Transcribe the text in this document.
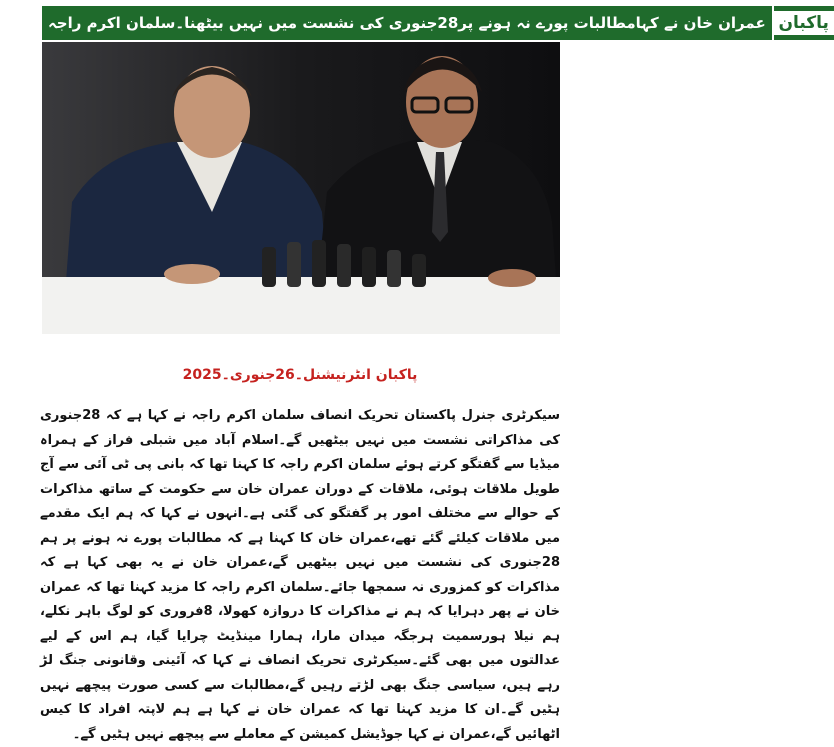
عمران خان نے کہامطالبات پورے نہ ہونے پر28جنوری کی نشست میں نہیں بیٹھنا۔سلمان اکرم راجہ پاکبان
پاکبان انٹرنیشنل۔26جنوری۔2025
سیکرٹری جنرل پاکستان تحریک انصاف سلمان اکرم راجہ نے کہا ہے کہ 28جنوری کی مذاکراتی نشست میں نہیں بیٹھیں گے۔اسلام آباد میں شبلی فراز کے ہمراہ میڈیا سے گفتگو کرتے ہوئے سلمان اکرم راجہ کا کہنا تھا کہ بانی پی ٹی آئی سے آج طویل ملاقات ہوئی، ملاقات کے دوران عمران خان سے حکومت کے ساتھ مذاکرات کے حوالے سے مختلف امور پر گفتگو کی گئی ہے۔انہوں نے کہا کہ ہم ایک مقدمے میں ملاقات کیلئے گئے تھے،عمران خان کا کہنا ہے کہ مطالبات پورے نہ ہونے پر ہم 28جنوری کی نشست میں نہیں بیٹھیں گے،عمران خان نے یہ بھی کہا ہے کہ مذاکرات کو کمزوری نہ سمجھا جائے۔سلمان اکرم راجہ کا مزید کہنا تھا کہ عمران خان نے پھر دہرایا کہ ہم نے مذاکرات کا دروازہ کھولا، 8فروری کو لوگ باہر نکلے، ہم نیلا ہورسمیت ہرجگہ میدان مارا، ہمارا مینڈیٹ چرایا گیا، ہم اس کے لیے عدالتوں میں بھی گئے۔سیکرٹری تحریک انصاف نے کہا کہ آئینی وقانونی جنگ لڑ رہے ہیں، سیاسی جنگ بھی لڑتے رہیں گے،مطالبات سے کسی صورت پیچھے نہیں ہٹیں گے۔ان کا مزید کہنا تھا کہ عمران خان نے کہا ہے ہم لاپتہ افراد کا کیس اٹھائیں گے،عمران نے کہا جوڈیشل کمیشن کے معاملے سے پیچھے نہیں ہٹیں گے۔
